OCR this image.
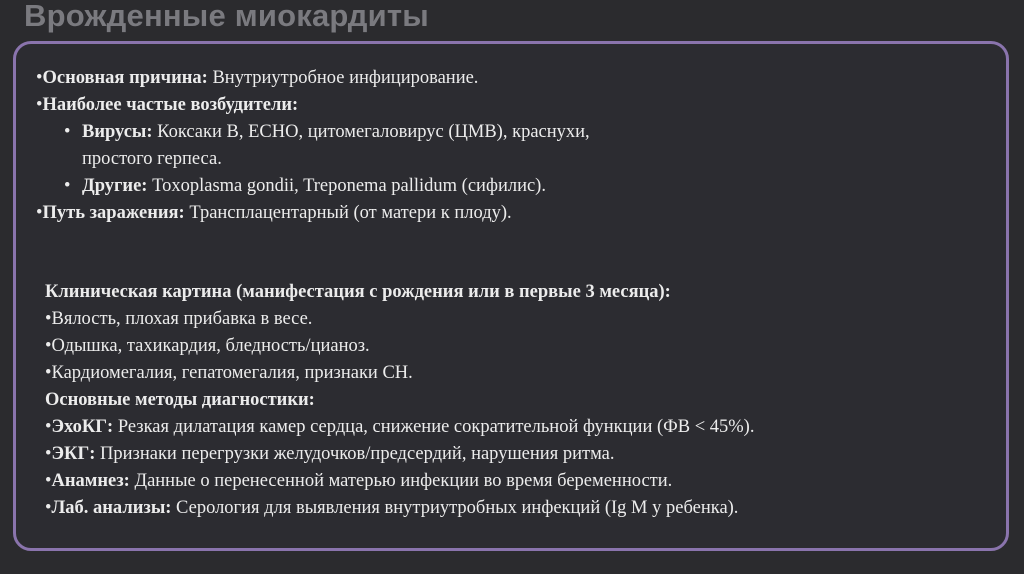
Врожденные миокардиты
•Основная причина: Внутриутробное инфицирование.
•Наиболее частые возбудители:
• Вирусы: Коксаки В, ЕСНО, цитомегаловирус (ЦМВ), краснухи,
простого герпеса.
• Другие: Toxoplasma gondii, Treponema pallidum (сифилис).
•Путь заражения: Трансплацентарный (от матери к плоду).
Клиническая картина (манифестация с рождения или в первые 3 месяца):
•Вялость, плохая прибавка в весе.
•Одышка, тахикардия, бледность/цианоз.
•Кардиомегалия, гепатомегалия, признаки СН.
Основные методы диагностики:
•ЭхоКГ: Резкая дилатация камер сердца, снижение сократительной функции (ФВ < 45%).
•ЭКГ: Признаки перегрузки желудочков/предсердий, нарушения ритма.
•Анамнез: Данные о перенесенной матерью инфекции во время беременности.
•Лаб. анализы: Серология для выявления внутриутробных инфекций (Ig M у ребенка).
